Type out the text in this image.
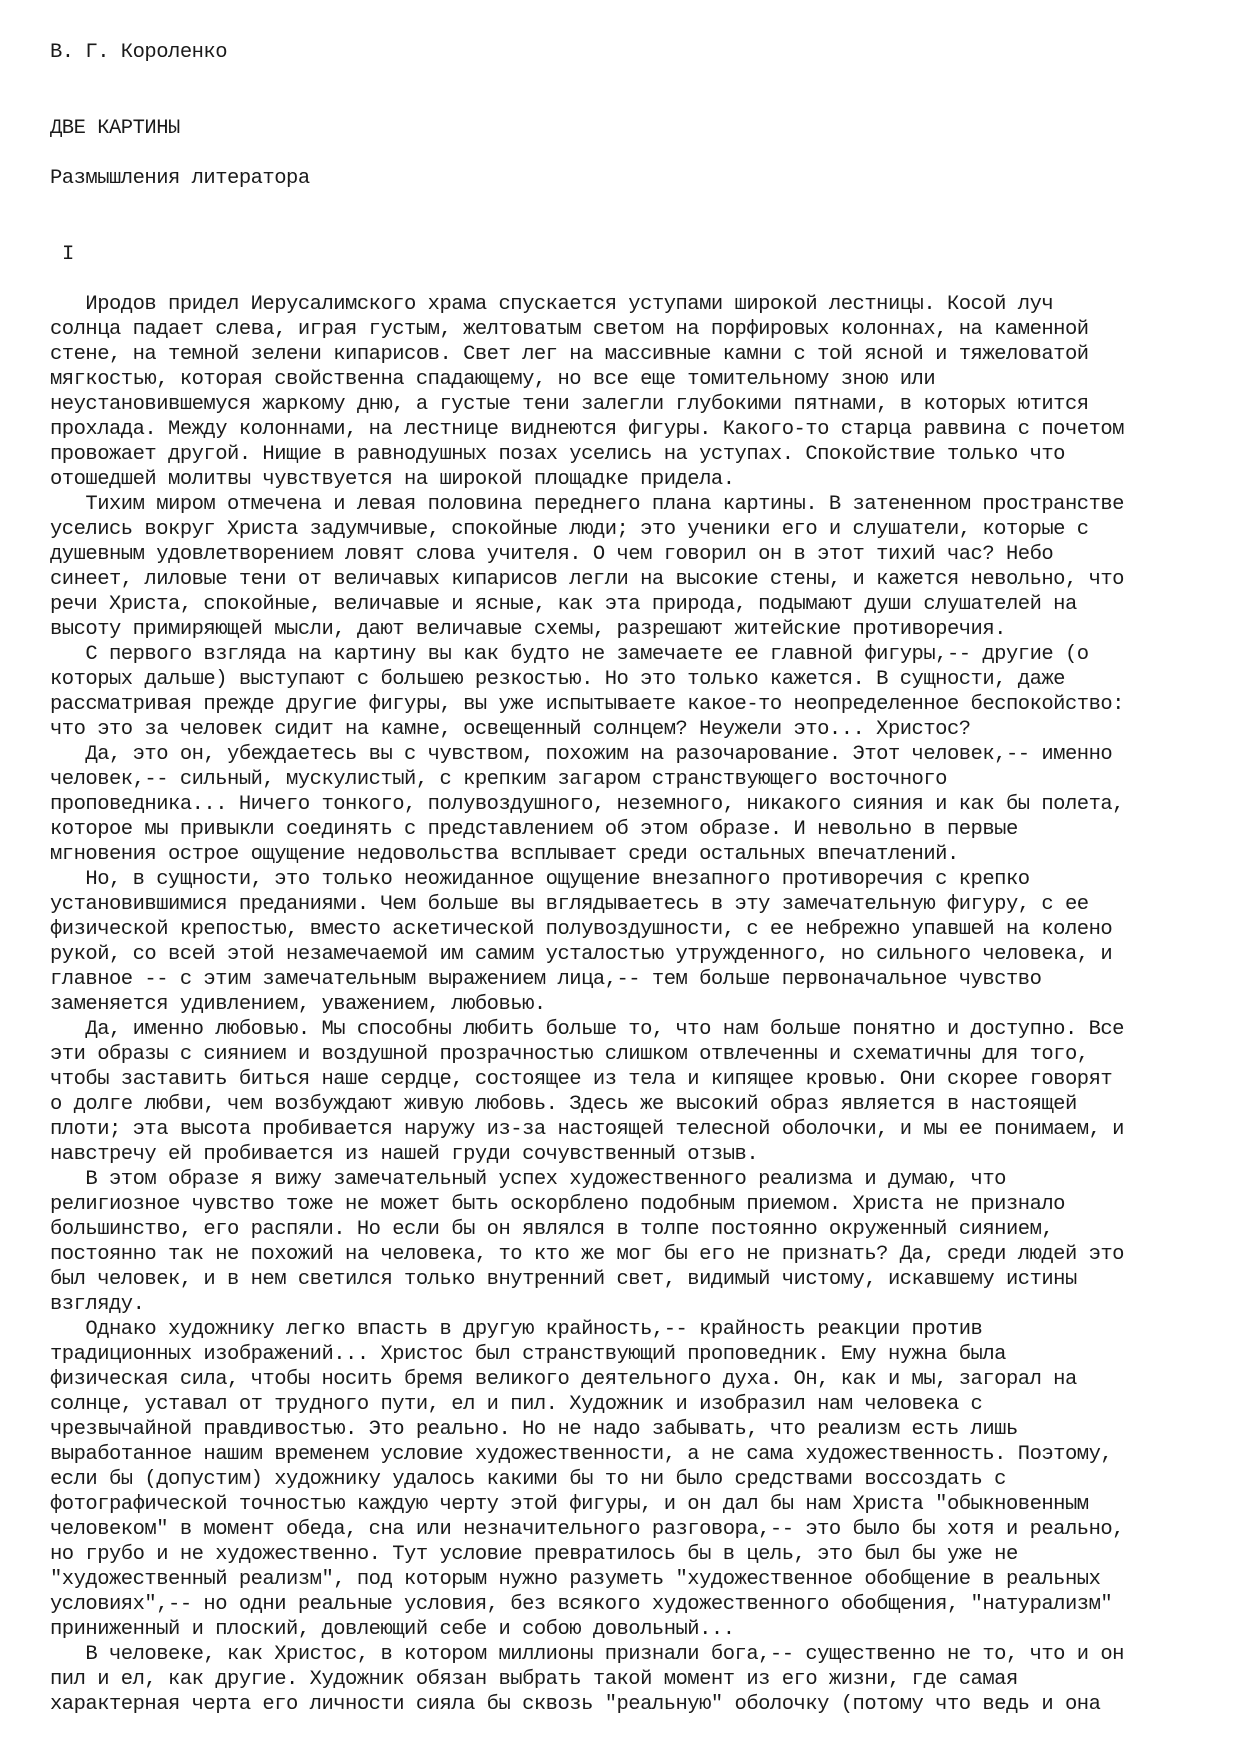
В. Г. Короленко

ДВЕ КАРТИНЫ

Размышления литератора

I

Иродов придел Иерусалимского храма спускается уступами широкой лестницы. Косой луч
солнца падает слева, играя густым, желтоватым светом на порфировых колоннах, на каменной
стене, на темной зелени кипарисов. Свет лег на массивные камни с той ясной и тяжеловатой
мягкостью, которая свойственна спадающему, но все еще томительному зною или
неустановившемуся жаркому дню, а густые тени залегли глубокими пятнами, в которых ютится
прохлада. Между колоннами, на лестнице виднеются фигуры. Какого-то старца раввина с почетом
провожает другой. Нищие в равнодушных позах уселись на уступах. Спокойствие только что
отошедшей молитвы чувствуется на широкой площадке придела.
Тихим миром отмечена и левая половина переднего плана картины. В затененном пространстве
уселись вокруг Христа задумчивые, спокойные люди; это ученики его и слушатели, которые с
душевным удовлетворением ловят слова учителя. О чем говорил он в этот тихий час? Небо
синеет, лиловые тени от величавых кипарисов легли на высокие стены, и кажется невольно, что
речи Христа, спокойные, величавые и ясные, как эта природа, подымают души слушателей на
высоту примиряющей мысли, дают величавые схемы, разрешают житейские противоречия.
С первого взгляда на картину вы как будто не замечаете ее главной фигуры,-- другие (о
которых дальше) выступают с большею резкостью. Но это только кажется. В сущности, даже
рассматривая прежде другие фигуры, вы уже испытываете какое-то неопределенное беспокойство:
что это за человек сидит на камне, освещенный солнцем? Неужели это... Христос?
Да, это он, убеждаетесь вы с чувством, похожим на разочарование. Этот человек,-- именно
человек,-- сильный, мускулистый, с крепким загаром странствующего восточного
проповедника... Ничего тонкого, полувоздушного, неземного, никакого сияния и как бы полета,
которое мы привыкли соединять с представлением об этом образе. И невольно в первые
мгновения острое ощущение недовольства всплывает среди остальных впечатлений.
Но, в сущности, это только неожиданное ощущение внезапного противоречия с крепко
установившимися преданиями. Чем больше вы вглядываетесь в эту замечательную фигуру, с ее
физической крепостью, вместо аскетической полувоздушности, с ее небрежно упавшей на колено
рукой, со всей этой незамечаемой им самим усталостью утружденного, но сильного человека, и
главное -- с этим замечательным выражением лица,-- тем больше первоначальное чувство
заменяется удивлением, уважением, любовью.
Да, именно любовью. Мы способны любить больше то, что нам больше понятно и доступно. Все
эти образы с сиянием и воздушной прозрачностью слишком отвлеченны и схематичны для того,
чтобы заставить биться наше сердце, состоящее из тела и кипящее кровью. Они скорее говорят
о долге любви, чем возбуждают живую любовь. Здесь же высокий образ является в настоящей
плоти; эта высота пробивается наружу из-за настоящей телесной оболочки, и мы ее понимаем, и
навстречу ей пробивается из нашей груди сочувственный отзыв.
В этом образе я вижу замечательный успех художественного реализма и думаю, что
религиозное чувство тоже не может быть оскорблено подобным приемом. Христа не признало
большинство, его распяли. Но если бы он являлся в толпе постоянно окруженный сиянием,
постоянно так не похожий на человека, то кто же мог бы его не признать? Да, среди людей это
был человек, и в нем светился только внутренний свет, видимый чистому, искавшему истины
взгляду.
Однако художнику легко впасть в другую крайность,-- крайность реакции против
традиционных изображений... Христос был странствующий проповедник. Ему нужна была
физическая сила, чтобы носить бремя великого деятельного духа. Он, как и мы, загорал на
солнце, уставал от трудного пути, ел и пил. Художник и изобразил нам человека с
чрезвычайной правдивостью. Это реально. Но не надо забывать, что реализм есть лишь
выработанное нашим временем условие художественности, а не сама художественность. Поэтому,
если бы (допустим) художнику удалось какими бы то ни было средствами воссоздать с
фотографической точностью каждую черту этой фигуры, и он дал бы нам Христа "обыкновенным
человеком" в момент обеда, сна или незначительного разговора,-- это было бы хотя и реально,
но грубо и не художественно. Тут условие превратилось бы в цель, это был бы уже не
"художественный реализм", под которым нужно разуметь "художественное обобщение в реальных
условиях",-- но одни реальные условия, без всякого художественного обобщения, "натурализм"
приниженный и плоский, довлеющий себе и собою довольный...
В человеке, как Христос, в котором миллионы признали бога,-- существенно не то, что и он
пил и ел, как другие. Художник обязан выбрать такой момент из его жизни, где самая
характерная черта его личности сияла бы сквозь "реальную" оболочку (потому что ведь и она
